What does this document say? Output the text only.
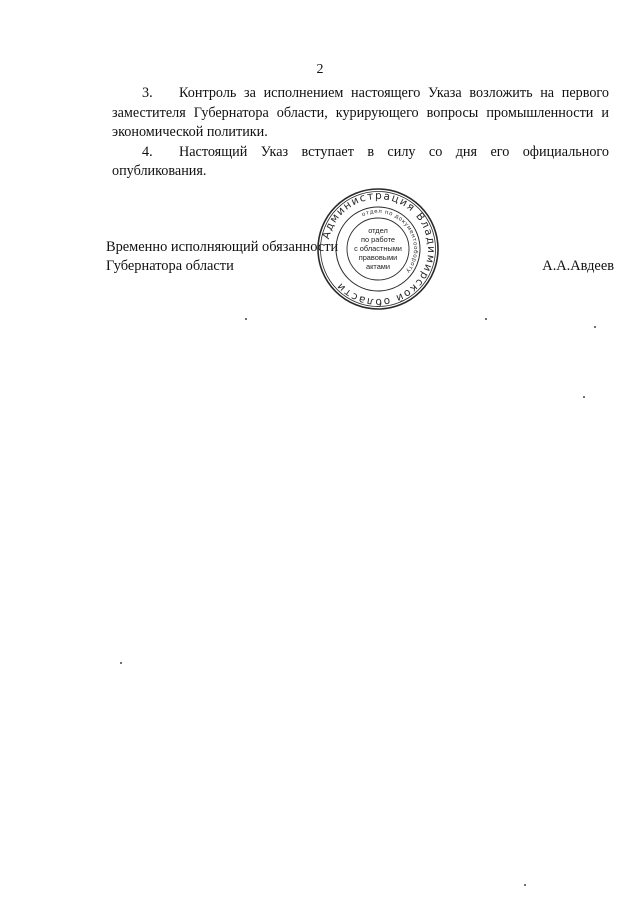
2

3. Контроль за исполнением настоящего Указа возложить на первого заместителя Губернатора области, курирующего вопросы промышленности и экономической политики.

4. Настоящий Указ вступает в силу со дня его официального опубликования.

Временно исполняющий обязанности
Губернатора области	А.А.Авдеев
Администрация Владимирской области
отдел по документообороту
отдел
по работе
с областными
правовыми
актами
